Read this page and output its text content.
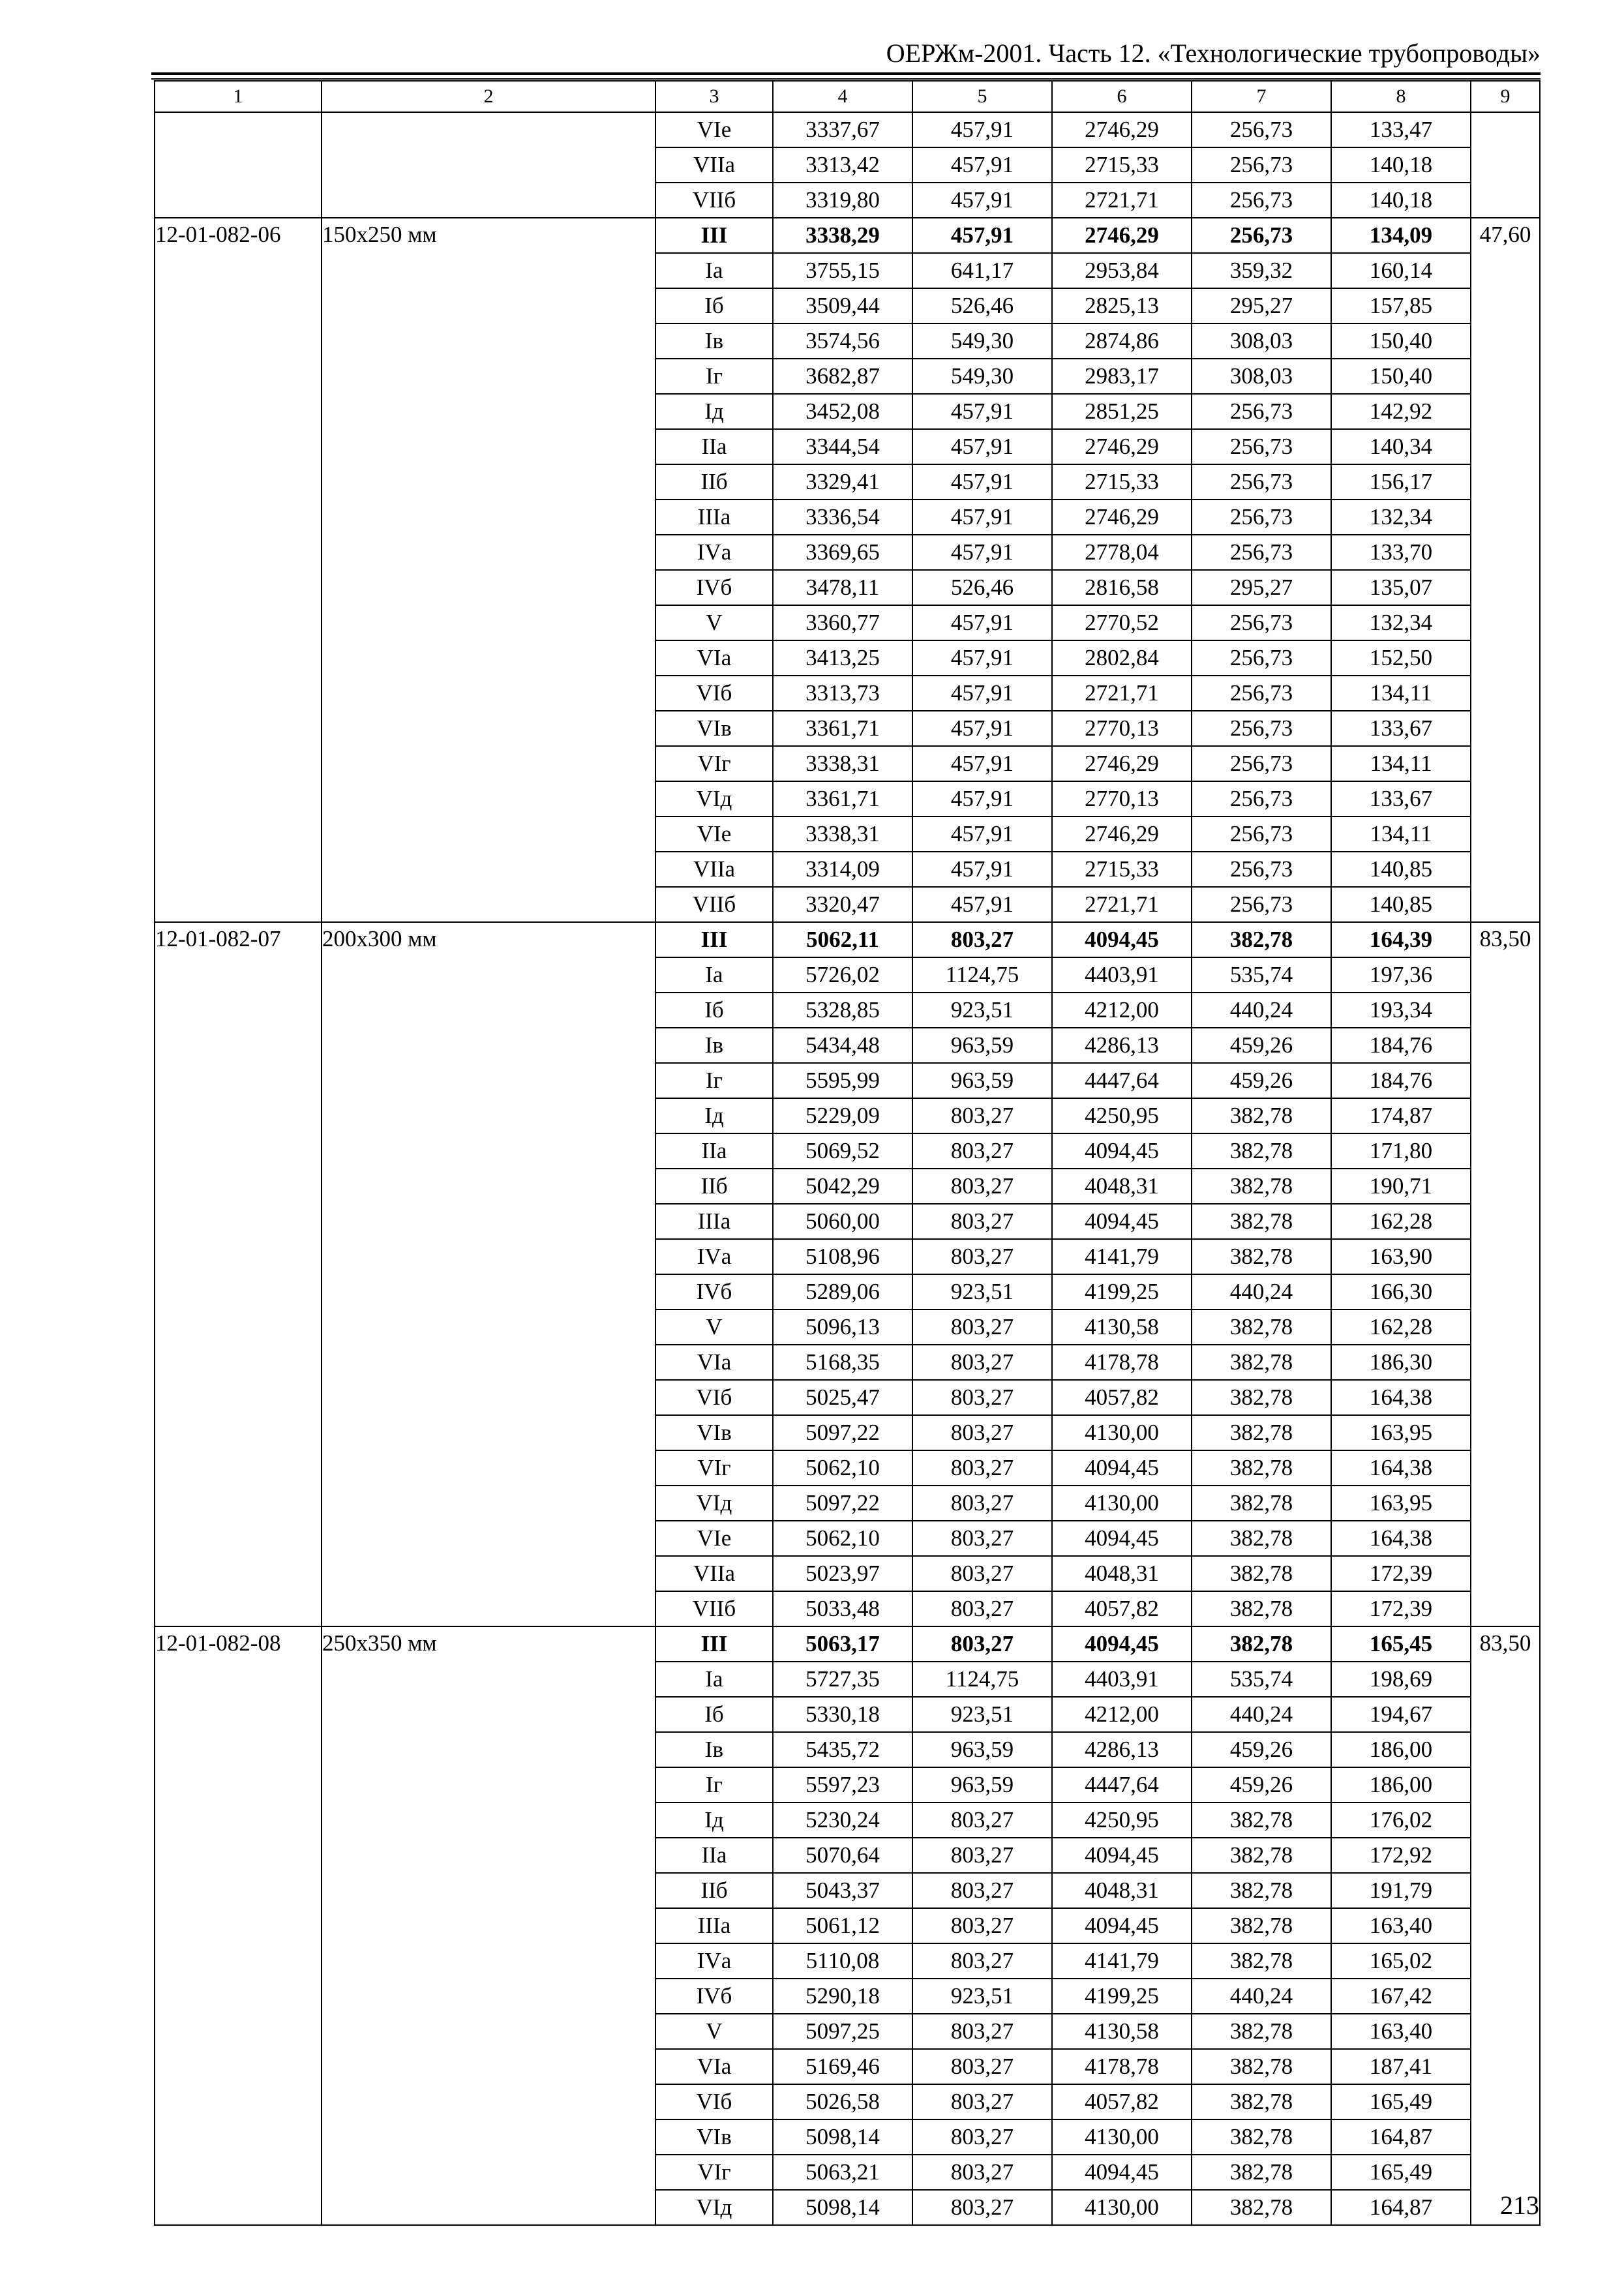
ОЕРЖм-2001. Часть 12. «Технологические трубопроводы»
1	2	3	4	5	6	7	8	9
		VIе	3337,67	457,91	2746,29	256,73	133,47	
		VIIа	3313,42	457,91	2715,33	256,73	140,18	
		VIIб	3319,80	457,91	2721,71	256,73	140,18	
12-01-082-06	150х250 мм	III	3338,29	457,91	2746,29	256,73	134,09	47,60
		Iа	3755,15	641,17	2953,84	359,32	160,14	
		Iб	3509,44	526,46	2825,13	295,27	157,85	
		Iв	3574,56	549,30	2874,86	308,03	150,40	
		Iг	3682,87	549,30	2983,17	308,03	150,40	
		Iд	3452,08	457,91	2851,25	256,73	142,92	
		IIа	3344,54	457,91	2746,29	256,73	140,34	
		IIб	3329,41	457,91	2715,33	256,73	156,17	
		IIIа	3336,54	457,91	2746,29	256,73	132,34	
		IVа	3369,65	457,91	2778,04	256,73	133,70	
		IVб	3478,11	526,46	2816,58	295,27	135,07	
		V	3360,77	457,91	2770,52	256,73	132,34	
		VIа	3413,25	457,91	2802,84	256,73	152,50	
		VIб	3313,73	457,91	2721,71	256,73	134,11	
		VIв	3361,71	457,91	2770,13	256,73	133,67	
		VIг	3338,31	457,91	2746,29	256,73	134,11	
		VIд	3361,71	457,91	2770,13	256,73	133,67	
		VIе	3338,31	457,91	2746,29	256,73	134,11	
		VIIа	3314,09	457,91	2715,33	256,73	140,85	
		VIIб	3320,47	457,91	2721,71	256,73	140,85	
12-01-082-07	200х300 мм	III	5062,11	803,27	4094,45	382,78	164,39	83,50
		Iа	5726,02	1124,75	4403,91	535,74	197,36	
		Iб	5328,85	923,51	4212,00	440,24	193,34	
		Iв	5434,48	963,59	4286,13	459,26	184,76	
		Iг	5595,99	963,59	4447,64	459,26	184,76	
		Iд	5229,09	803,27	4250,95	382,78	174,87	
		IIа	5069,52	803,27	4094,45	382,78	171,80	
		IIб	5042,29	803,27	4048,31	382,78	190,71	
		IIIа	5060,00	803,27	4094,45	382,78	162,28	
		IVа	5108,96	803,27	4141,79	382,78	163,90	
		IVб	5289,06	923,51	4199,25	440,24	166,30	
		V	5096,13	803,27	4130,58	382,78	162,28	
		VIа	5168,35	803,27	4178,78	382,78	186,30	
		VIб	5025,47	803,27	4057,82	382,78	164,38	
		VIв	5097,22	803,27	4130,00	382,78	163,95	
		VIг	5062,10	803,27	4094,45	382,78	164,38	
		VIд	5097,22	803,27	4130,00	382,78	163,95	
		VIе	5062,10	803,27	4094,45	382,78	164,38	
		VIIа	5023,97	803,27	4048,31	382,78	172,39	
		VIIб	5033,48	803,27	4057,82	382,78	172,39	
12-01-082-08	250х350 мм	III	5063,17	803,27	4094,45	382,78	165,45	83,50
		Iа	5727,35	1124,75	4403,91	535,74	198,69	
		Iб	5330,18	923,51	4212,00	440,24	194,67	
		Iв	5435,72	963,59	4286,13	459,26	186,00	
		Iг	5597,23	963,59	4447,64	459,26	186,00	
		Iд	5230,24	803,27	4250,95	382,78	176,02	
		IIа	5070,64	803,27	4094,45	382,78	172,92	
		IIб	5043,37	803,27	4048,31	382,78	191,79	
		IIIа	5061,12	803,27	4094,45	382,78	163,40	
		IVа	5110,08	803,27	4141,79	382,78	165,02	
		IVб	5290,18	923,51	4199,25	440,24	167,42	
		V	5097,25	803,27	4130,58	382,78	163,40	
		VIа	5169,46	803,27	4178,78	382,78	187,41	
		VIб	5026,58	803,27	4057,82	382,78	165,49	
		VIв	5098,14	803,27	4130,00	382,78	164,87	
		VIг	5063,21	803,27	4094,45	382,78	165,49	
		VIд	5098,14	803,27	4130,00	382,78	164,87		213
